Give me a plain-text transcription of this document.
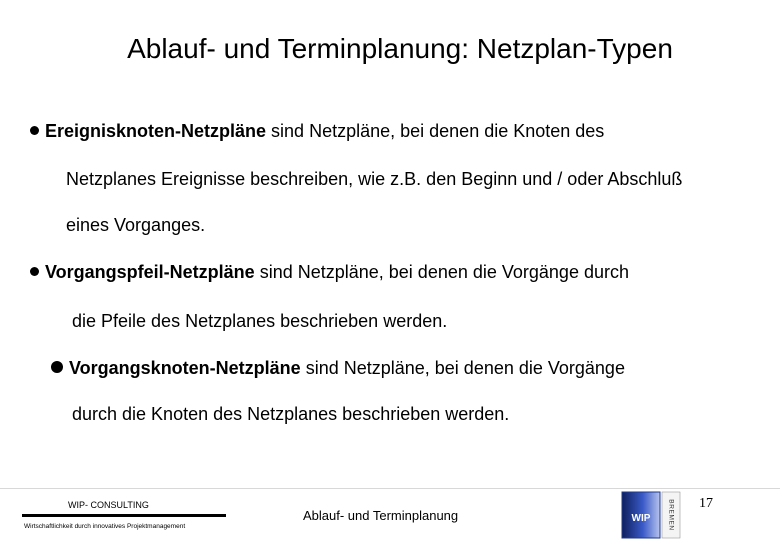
Ablauf- und Terminplanung: Netzplan-Typen
Ereignisknoten-Netzpläne sind Netzpläne, bei denen die Knoten des
Netzplanes Ereignisse beschreiben, wie z.B. den Beginn und / oder Abschluß
eines Vorganges.
Vorgangspfeil-Netzpläne sind Netzpläne, bei denen die Vorgänge durch
die Pfeile des Netzplanes beschrieben werden.
Vorgangsknoten-Netzpläne sind Netzpläne, bei denen die Vorgänge
durch die Knoten des Netzplanes beschrieben werden.
WIP- CONSULTING
Wirtschaftlichkeit durch innovatives Projektmanagement
Ablauf- und Terminplanung	WIP	BREMEN 17
